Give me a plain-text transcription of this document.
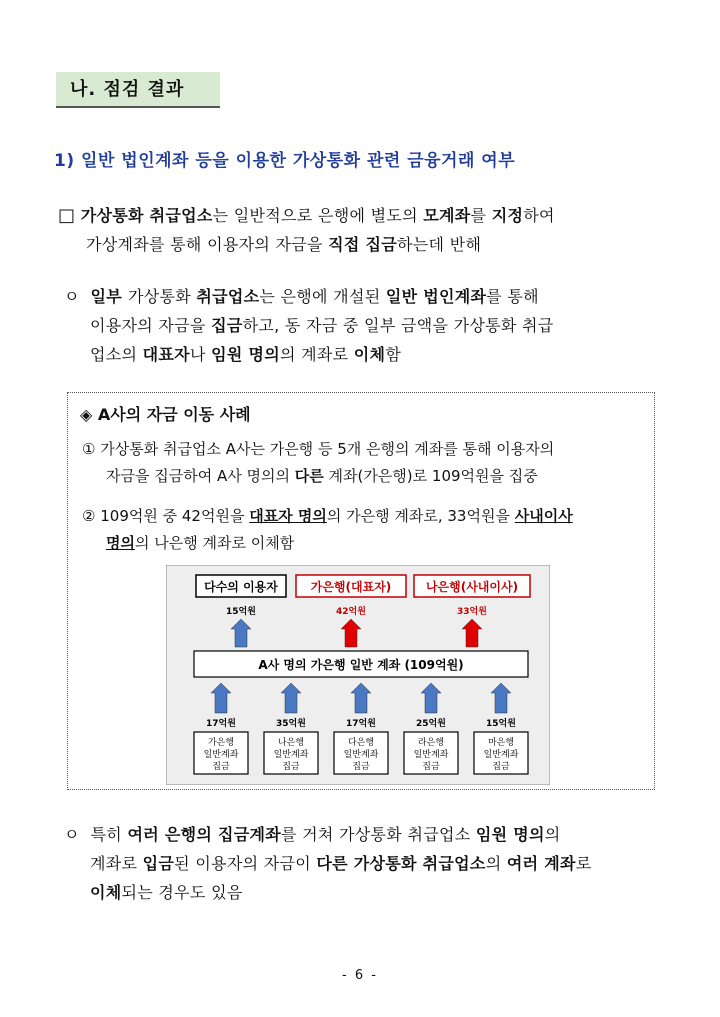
나. 점검 결과
1) 일반 법인계좌 등을 이용한 가상통화 관련 금융거래 여부
□ 가상통화 취급업소는 일반적으로 은행에 별도의 모계좌를 지정하여
가상계좌를 통해 이용자의 자금을 직접 집금하는데 반해
ㅇ 일부 가상통화 취급업소는 은행에 개설된 일반 법인계좌를 통해
이용자의 자금을 집금하고, 동 자금 중 일부 금액을 가상통화 취급
업소의 대표자나 임원 명의의 계좌로 이체함
◈ A사의 자금 이동 사례
① 가상통화 취급업소 A사는 가은행 등 5개 은행의 계좌를 통해 이용자의
자금을 집금하여 A사 명의의 다른 계좌(가은행)로 109억원을 집중
② 109억원 중 42억원을 대표자 명의의 가은행 계좌로, 33억원을 사내이사
명의의 나은행 계좌로 이체함
다수의 이용자
15억원
가은행(대표자)
42억원
나은행(사내이사)
33억원
A사 명의 가은행 일반 계좌 (109억원)
17억원
가은행
일반계좌
집금
35억원
나은행
일반계좌
집금
17억원
다은행
일반계좌
집금
25억원
라은행
일반계좌
집금
15억원
마은행
일반계좌
집금
ㅇ 특히 여러 은행의 집금계좌를 거쳐 가상통화 취급업소 임원 명의의
계좌로 입금된 이용자의 자금이 다른 가상통화 취급업소의 여러 계좌로
이체되는 경우도 있음
- 6 -
